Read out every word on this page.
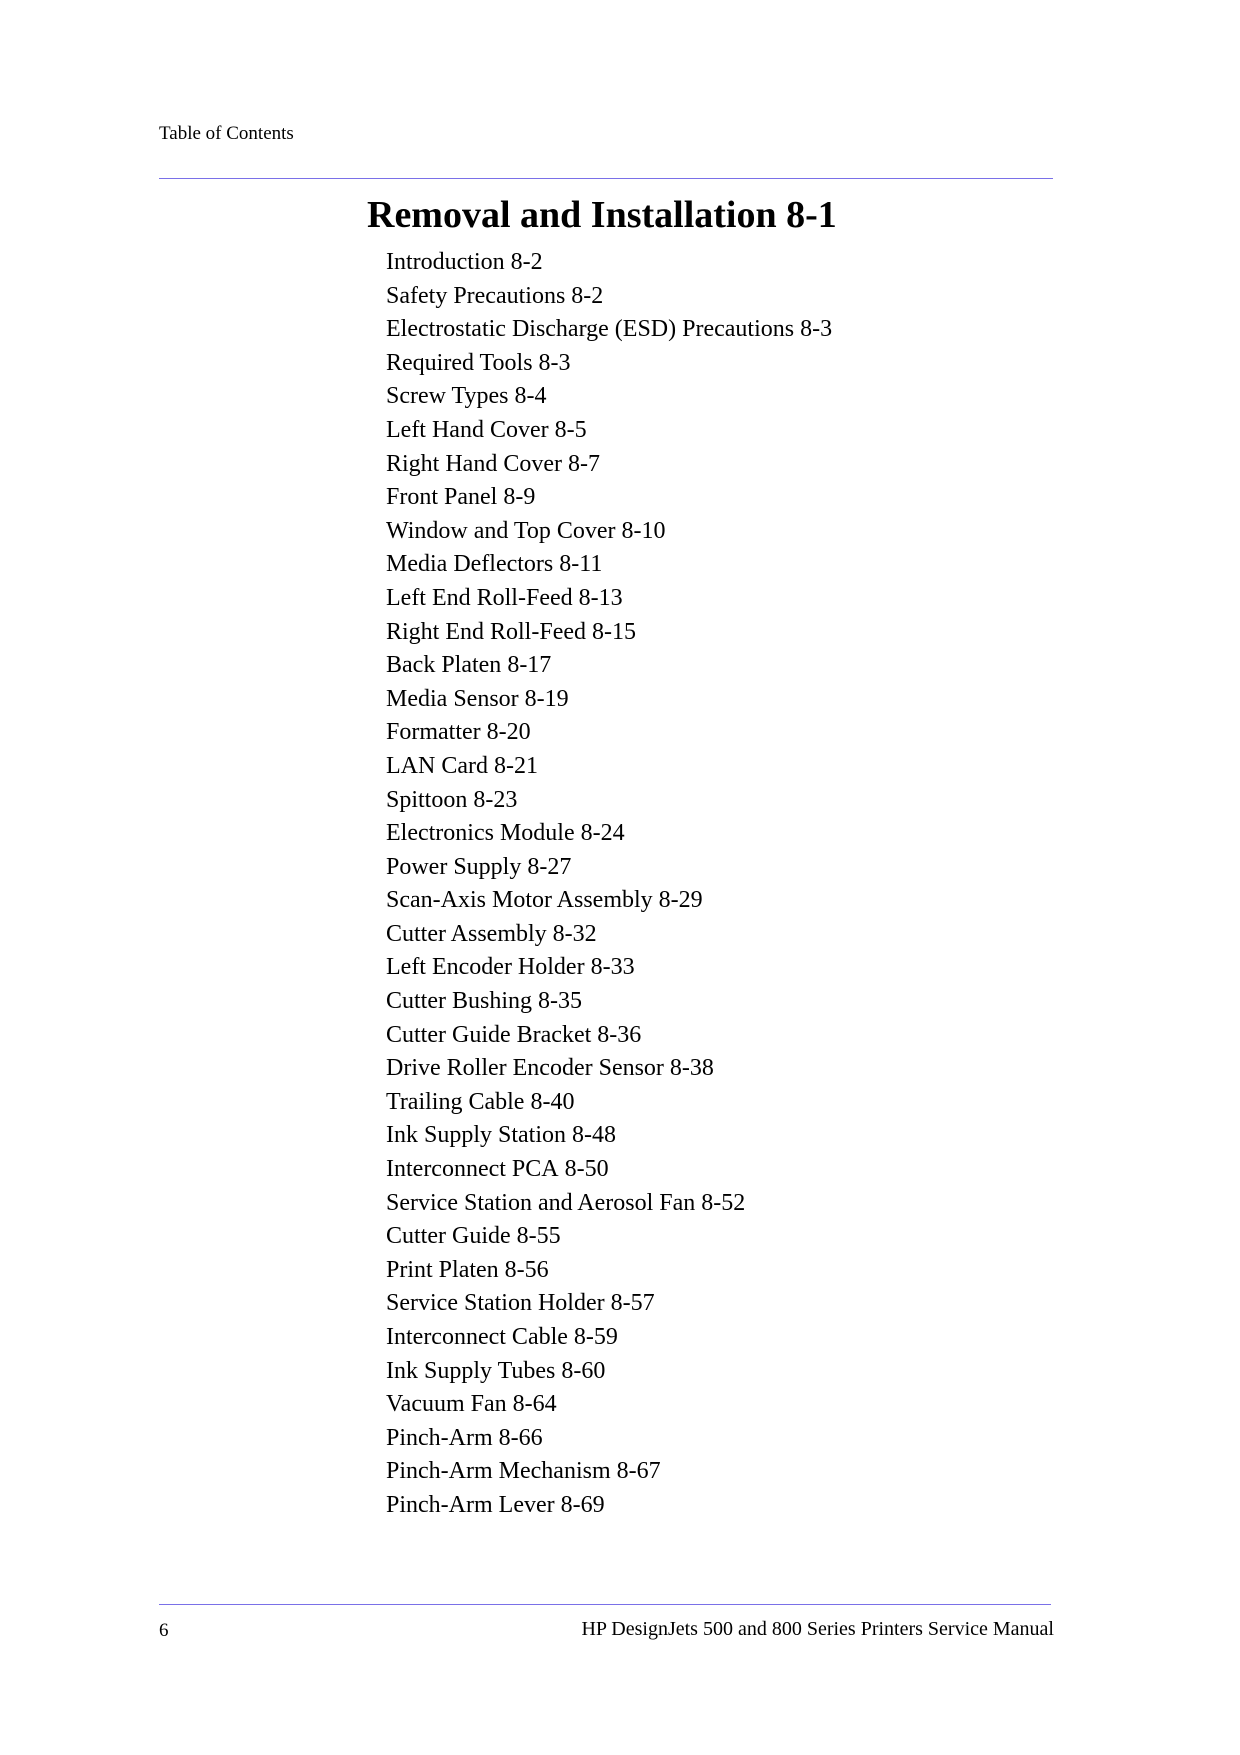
Table of Contents
Removal and Installation 8-1
Introduction 8-2
Safety Precautions 8-2
Electrostatic Discharge (ESD) Precautions 8-3
Required Tools 8-3
Screw Types 8-4
Left Hand Cover 8-5
Right Hand Cover 8-7
Front Panel 8-9
Window and Top Cover 8-10
Media Deflectors 8-11
Left End Roll-Feed 8-13
Right End Roll-Feed 8-15
Back Platen 8-17
Media Sensor 8-19
Formatter 8-20
LAN Card 8-21
Spittoon 8-23
Electronics Module 8-24
Power Supply 8-27
Scan-Axis Motor Assembly 8-29
Cutter Assembly 8-32
Left Encoder Holder 8-33
Cutter Bushing 8-35
Cutter Guide Bracket 8-36
Drive Roller Encoder Sensor 8-38
Trailing Cable 8-40
Ink Supply Station 8-48
Interconnect PCA 8-50
Service Station and Aerosol Fan 8-52
Cutter Guide 8-55
Print Platen 8-56
Service Station Holder 8-57
Interconnect Cable 8-59
Ink Supply Tubes 8-60
Vacuum Fan 8-64
Pinch-Arm 8-66
Pinch-Arm Mechanism 8-67
Pinch-Arm Lever 8-69
6	HP DesignJets 500 and 800 Series Printers Service Manual
